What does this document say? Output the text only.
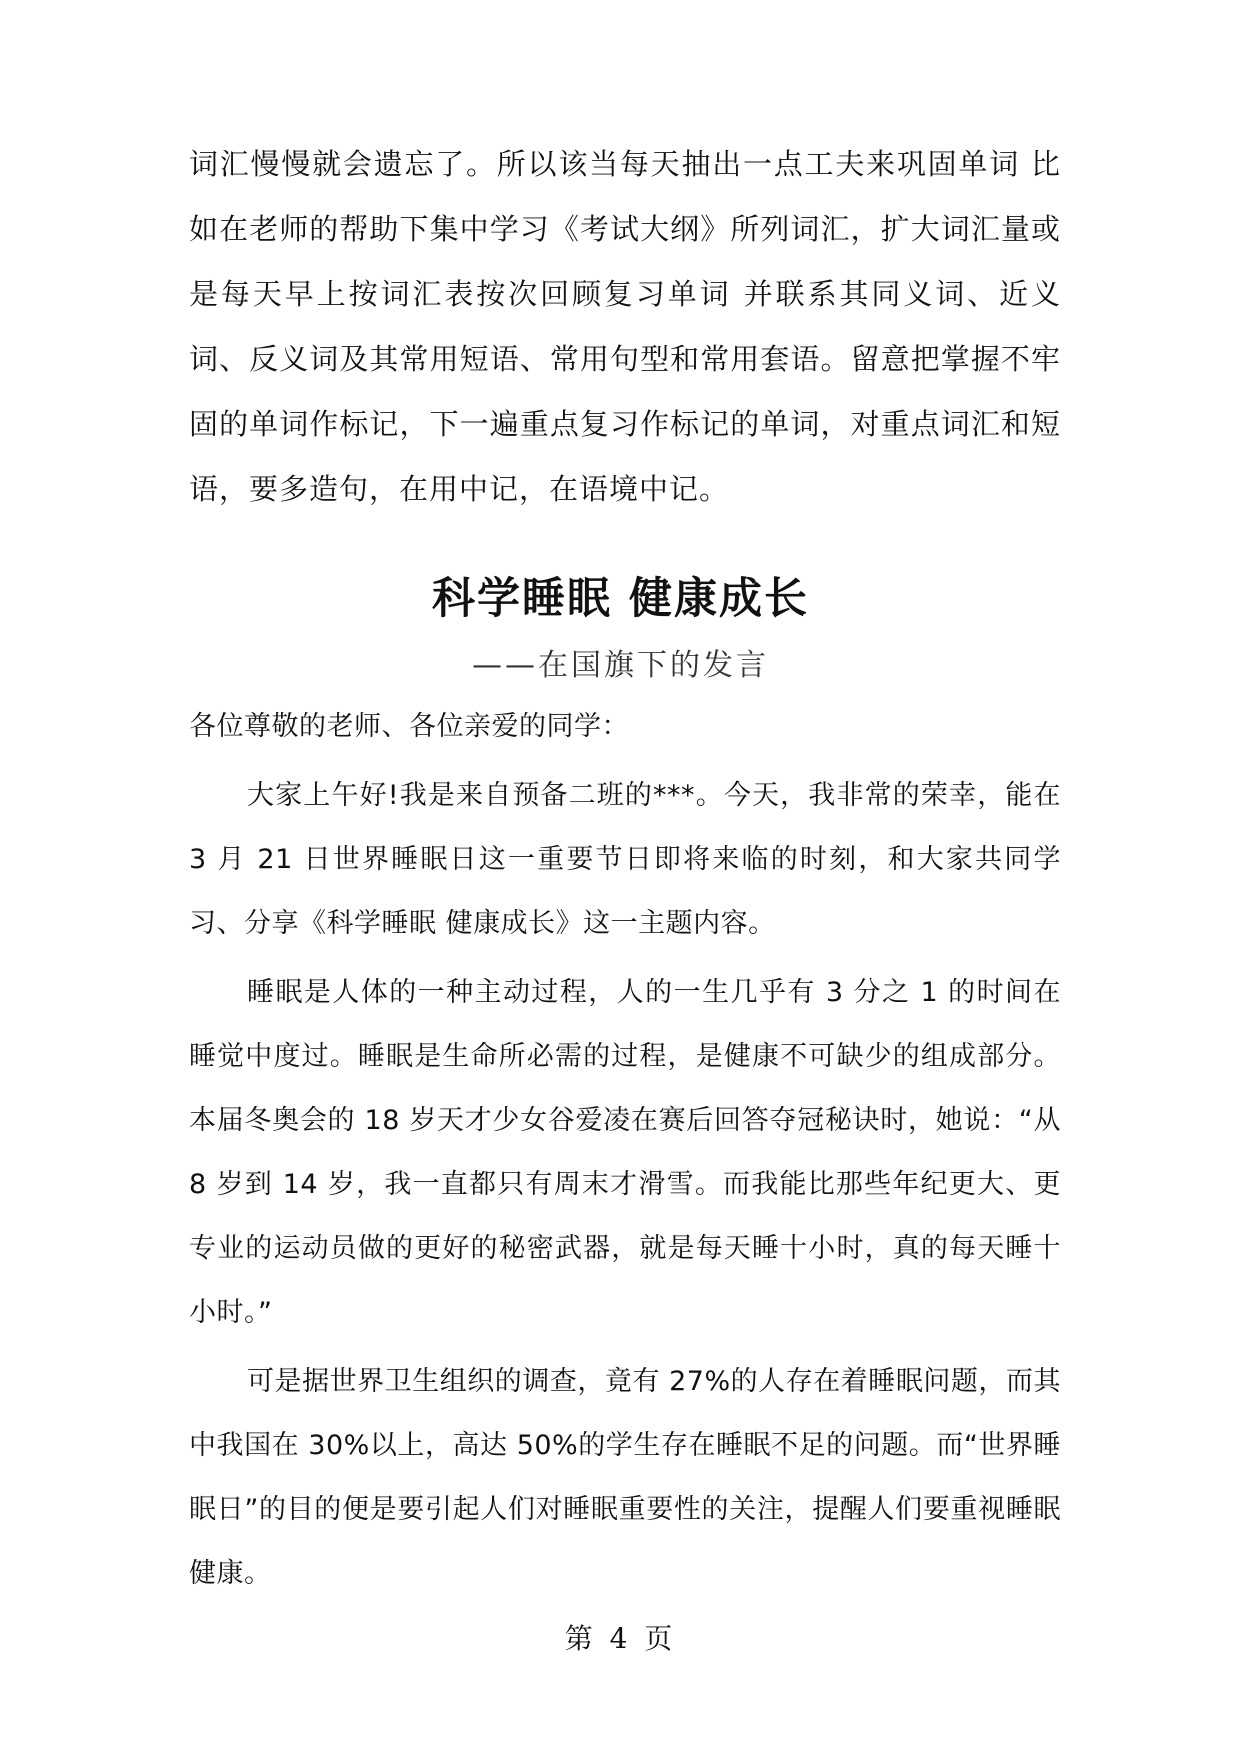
词汇慢慢就会遗忘了。所以该当每天抽出一点工夫来巩固单词 比如在老师的帮助下集中学习《考试大纲》所列词汇，扩大词汇量或是每天早上按词汇表按次回顾复习单词 并联系其同义词、近义词、反义词及其常用短语、常用句型和常用套语。留意把掌握不牢固的单词作标记，下一遍重点复习作标记的单词，对重点词汇和短语，要多造句，在用中记，在语境中记。

科学睡眠 健康成长
——在国旗下的发言

各位尊敬的老师、各位亲爱的同学：

大家上午好!我是来自预备二班的***。今天，我非常的荣幸，能在 3 月 21 日世界睡眠日这一重要节日即将来临的时刻，和大家共同学习、分享《科学睡眠 健康成长》这一主题内容。

睡眠是人体的一种主动过程，人的一生几乎有 3 分之 1 的时间在睡觉中度过。睡眠是生命所必需的过程，是健康不可缺少的组成部分。本届冬奥会的 18 岁天才少女谷爱凌在赛后回答夺冠秘诀时，她说：“从 8 岁到 14 岁，我一直都只有周末才滑雪。而我能比那些年纪更大、更专业的运动员做的更好的秘密武器，就是每天睡十小时，真的每天睡十小时。”

可是据世界卫生组织的调查，竟有 27%的人存在着睡眠问题，而其中我国在 30%以上，高达 50%的学生存在睡眠不足的问题。而“世界睡眠日”的目的便是要引起人们对睡眠重要性的关注，提醒人们要重视睡眠健康。

第 4 页
